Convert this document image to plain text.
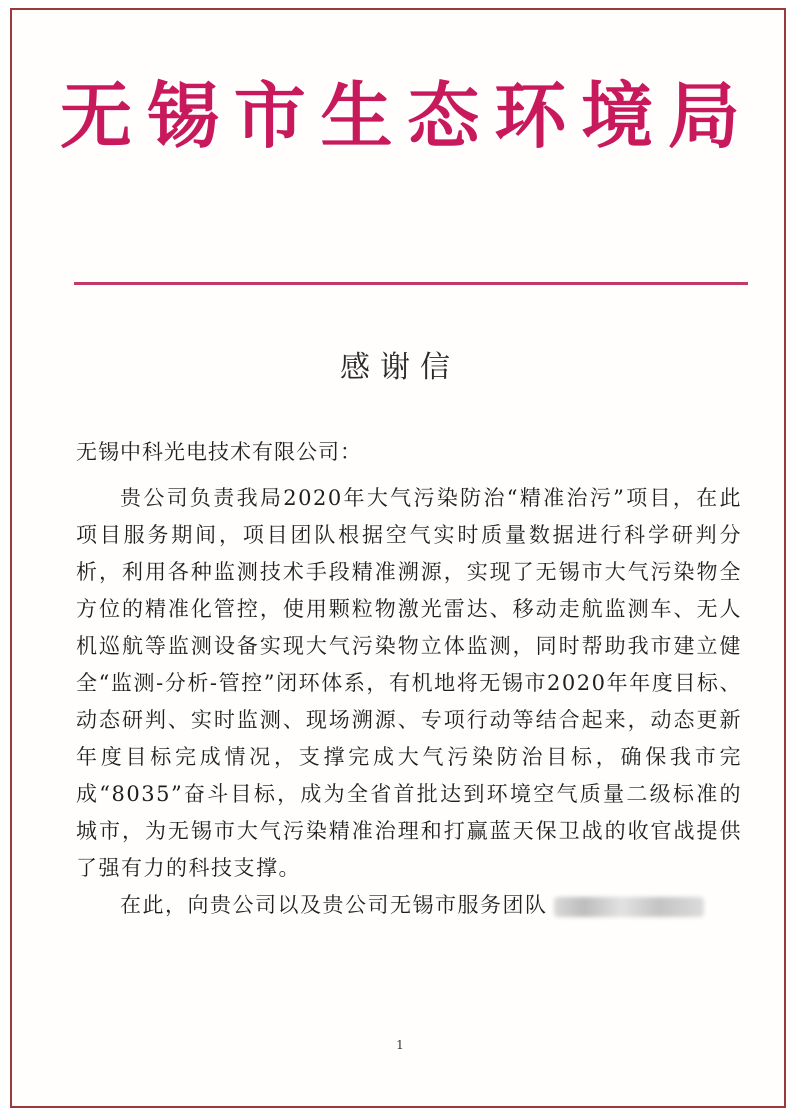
无 锡 市 生 态 环 境 局
感谢信
无锡中科光电技术有限公司：

贵公司负责我局2020年大气污染防治“精准治污”项目，在此项目服务期间，项目团队根据空气实时质量数据进行科学研判分析，利用各种监测技术手段精准溯源，实现了无锡市大气污染物全方位的精准化管控，使用颗粒物激光雷达、移动走航监测车、无人机巡航等监测设备实现大气污染物立体监测，同时帮助我市建立健全“监测-分析-管控”闭环体系，有机地将无锡市2020年年度目标、动态研判、实时监测、现场溯源、专项行动等结合起来，动态更新年度目标完成情况，支撑完成大气污染防治目标，确保我市完成“8035”奋斗目标，成为全省首批达到环境空气质量二级标准的城市，为无锡市大气污染精准治理和打赢蓝天保卫战的收官战提供了强有力的科技支撑。

在此，向贵公司以及贵公司无锡市服务团队

1
